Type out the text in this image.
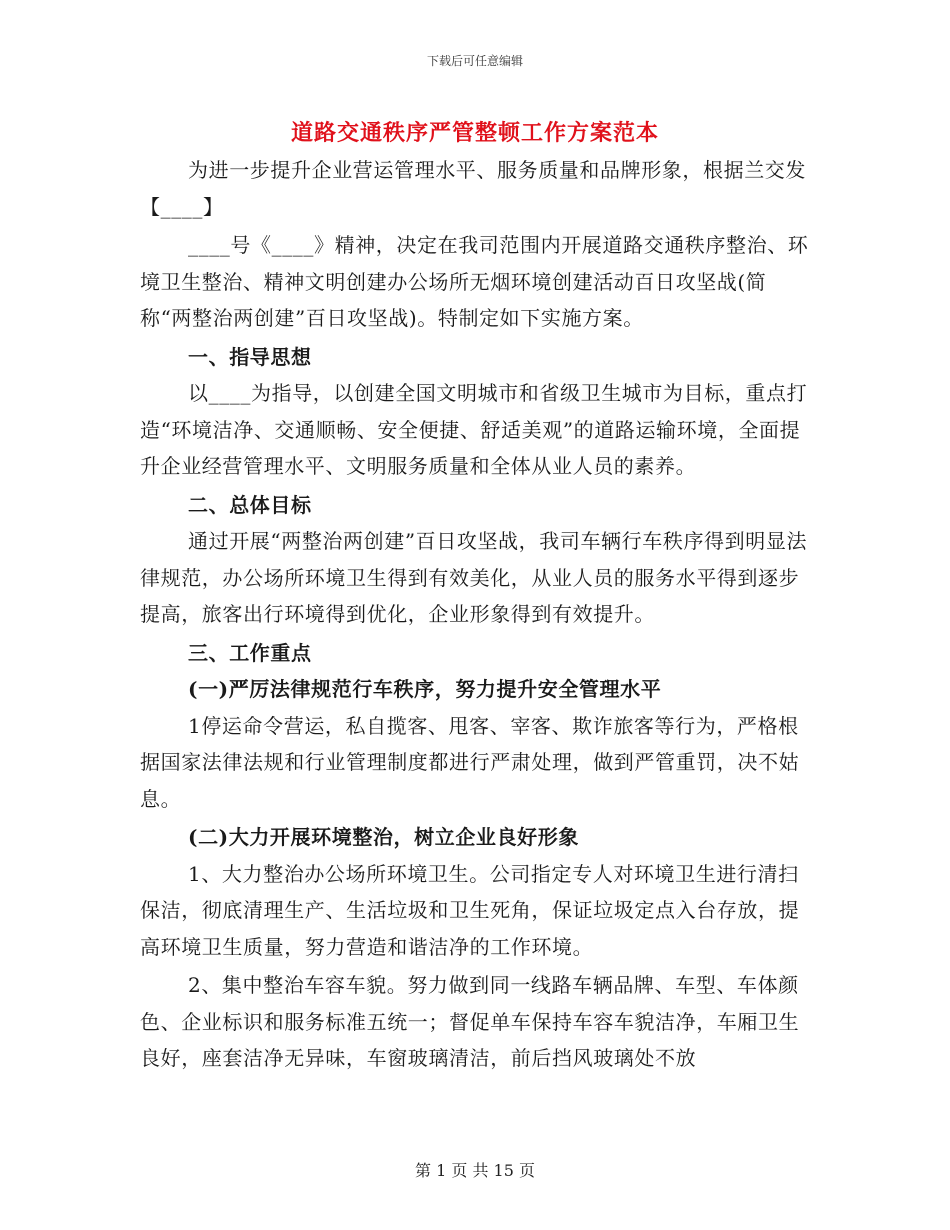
下载后可任意编辑
道路交通秩序严管整顿工作方案范本

为进一步提升企业营运管理水平、服务质量和品牌形象，根据兰交发【____】

____号《____》精神，决定在我司范围内开展道路交通秩序整治、环境卫生整治、精神文明创建办公场所无烟环境创建活动百日攻坚战(简称“两整治两创建”百日攻坚战)。特制定如下实施方案。

一、指导思想

以____为指导，以创建全国文明城市和省级卫生城市为目标，重点打造“环境洁净、交通顺畅、安全便捷、舒适美观”的道路运输环境，全面提升企业经营管理水平、文明服务质量和全体从业人员的素养。

二、总体目标

通过开展“两整治两创建”百日攻坚战，我司车辆行车秩序得到明显法律规范，办公场所环境卫生得到有效美化，从业人员的服务水平得到逐步提高，旅客出行环境得到优化，企业形象得到有效提升。

三、工作重点

(一)严厉法律规范行车秩序，努力提升安全管理水平

1停运命令营运，私自揽客、甩客、宰客、欺诈旅客等行为，严格根据国家法律法规和行业管理制度都进行严肃处理，做到严管重罚，决不姑息。

(二)大力开展环境整治，树立企业良好形象

1、大力整治办公场所环境卫生。公司指定专人对环境卫生进行清扫保洁，彻底清理生产、生活垃圾和卫生死角，保证垃圾定点入台存放，提高环境卫生质量，努力营造和谐洁净的工作环境。

2、集中整治车容车貌。努力做到同一线路车辆品牌、车型、车体颜色、企业标识和服务标准五统一；督促单车保持车容车貌洁净，车厢卫生良好，座套洁净无异味，车窗玻璃清洁，前后挡风玻璃处不放

第 1 页 共 15 页
